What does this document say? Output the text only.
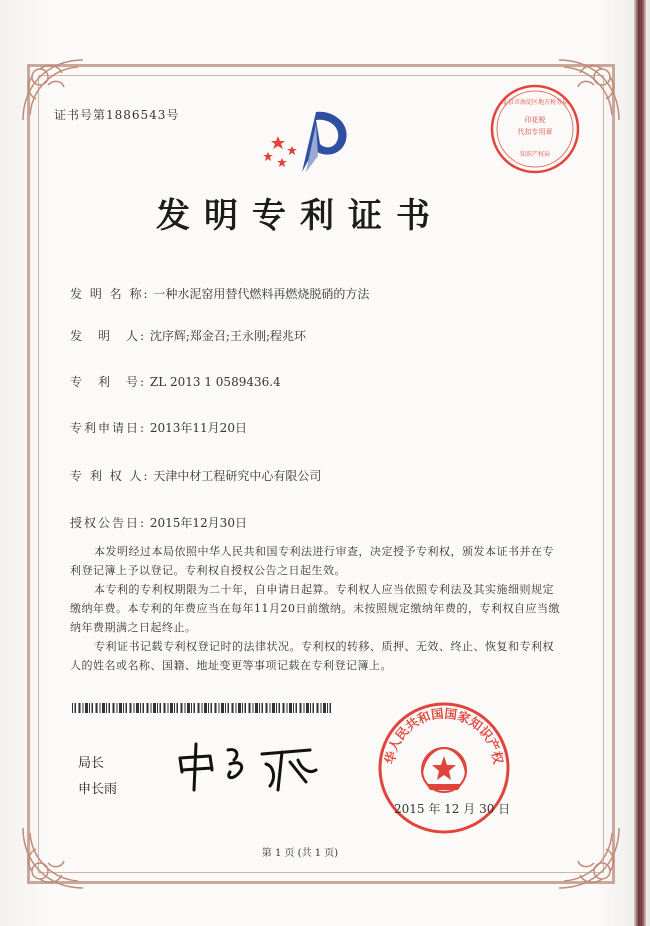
证书号第1886543号	印花税
代扣专用章
北京市海淀区地方税务局
知识产权局
发明专利证书
发 明 名 称: 一种水泥窑用替代燃料再燃烧脱硝的方法
发　明　人: 沈序辉;郑金召;王永刚;程兆环
专　利　号: ZL 2013 1 0589436.4
专利申请日: 2013年11月20日
专 利 权 人: 天津中材工程研究中心有限公司
授权公告日: 2015年12月30日

本发明经过本局依照中华人民共和国专利法进行审查，决定授予专利权，颁发本证书并在专利登记簿上予以登记。专利权自授权公告之日起生效。

本专利的专利权期限为二十年，自申请日起算。专利权人应当依照专利法及其实施细则规定缴纳年费。本专利的年费应当在每年11月20日前缴纳。未按照规定缴纳年费的，专利权自应当缴纳年费期满之日起终止。

专利证书记载专利权登记时的法律状况。专利权的转移、质押、无效、终止、恢复和专利权人的姓名或名称、国籍、地址变更等事项记载在专利登记簿上。

局长
申长雨
华人民共和国国家知识产权
2015 年 12 月 30 日
第 1 页 (共 1 页)
